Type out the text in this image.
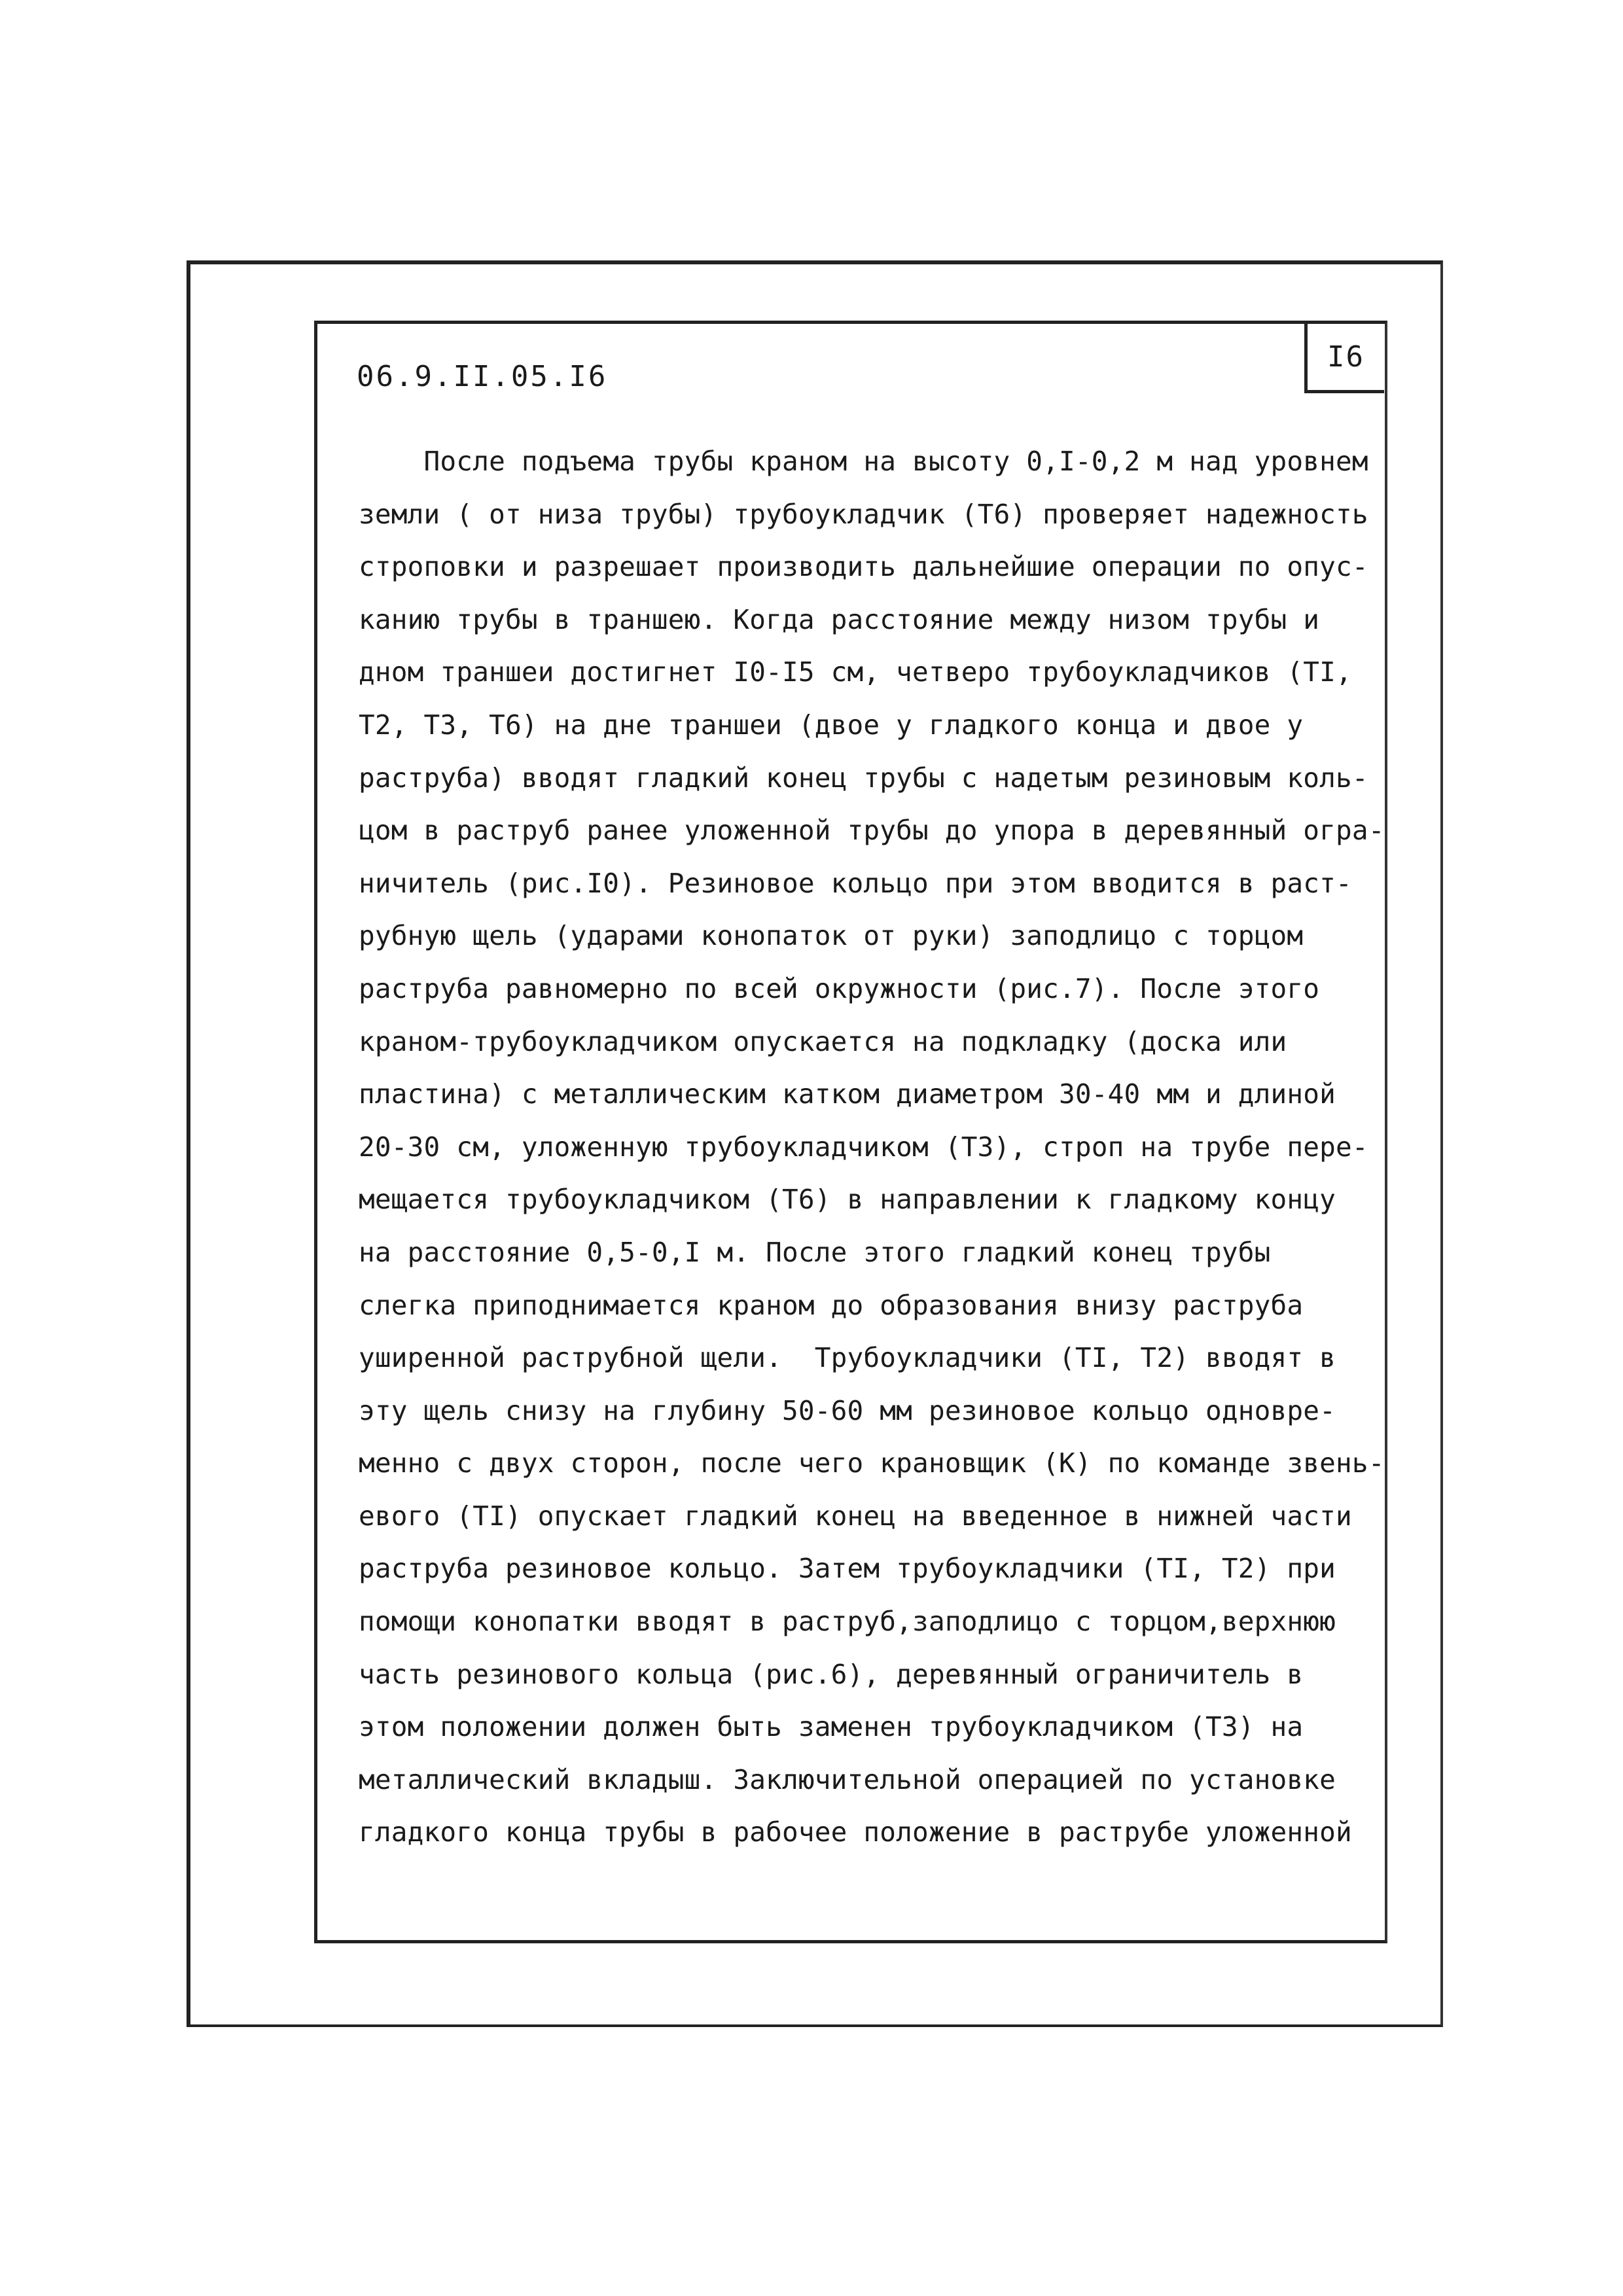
06.9.II.05.I6
I6
После подъема трубы краном на высоту 0,I-0,2 м над уровнем
земли ( от низа трубы) трубоукладчик (Т6) проверяет надежность
строповки и разрешает производить дальнейшие операции по опус-
канию трубы в траншею. Когда расстояние между низом трубы и
дном траншеи достигнет I0-I5 см, четверо трубоукладчиков (ТI,
Т2, Т3, Т6) на дне траншеи (двое у гладкого конца и двое у
раструба) вводят гладкий конец трубы с надетым резиновым коль-
цом в раструб ранее уложенной трубы до упора в деревянный огра-
ничитель (рис.I0). Резиновое кольцо при этом вводится в раст-
рубную щель (ударами конопаток от руки) заподлицо с торцом
раструба равномерно по всей окружности (рис.7). После этого
краном-трубоукладчиком опускается на подкладку (доска или
пластина) с металлическим катком диаметром 30-40 мм и длиной
20-30 см, уложенную трубоукладчиком (Т3), строп на трубе пере-
мещается трубоукладчиком (Т6) в направлении к гладкому концу
на расстояние 0,5-0,I м. После этого гладкий конец трубы
слегка приподнимается краном до образования внизу раструба
уширенной раструбной щели.  Трубоукладчики (ТI, Т2) вводят в
эту щель снизу на глубину 50-60 мм резиновое кольцо одновре-
менно с двух сторон, после чего крановщик (К) по команде звень-
евого (ТI) опускает гладкий конец на введенное в нижней части
раструба резиновое кольцо. Затем трубоукладчики (ТI, Т2) при
помощи конопатки вводят в раструб,заподлицо с торцом,верхнюю
часть резинового кольца (рис.6), деревянный ограничитель в
этом положении должен быть заменен трубоукладчиком (Т3) на
металлический вкладыш. Заключительной операцией по установке
гладкого конца трубы в рабочее положение в раструбе уложенной
